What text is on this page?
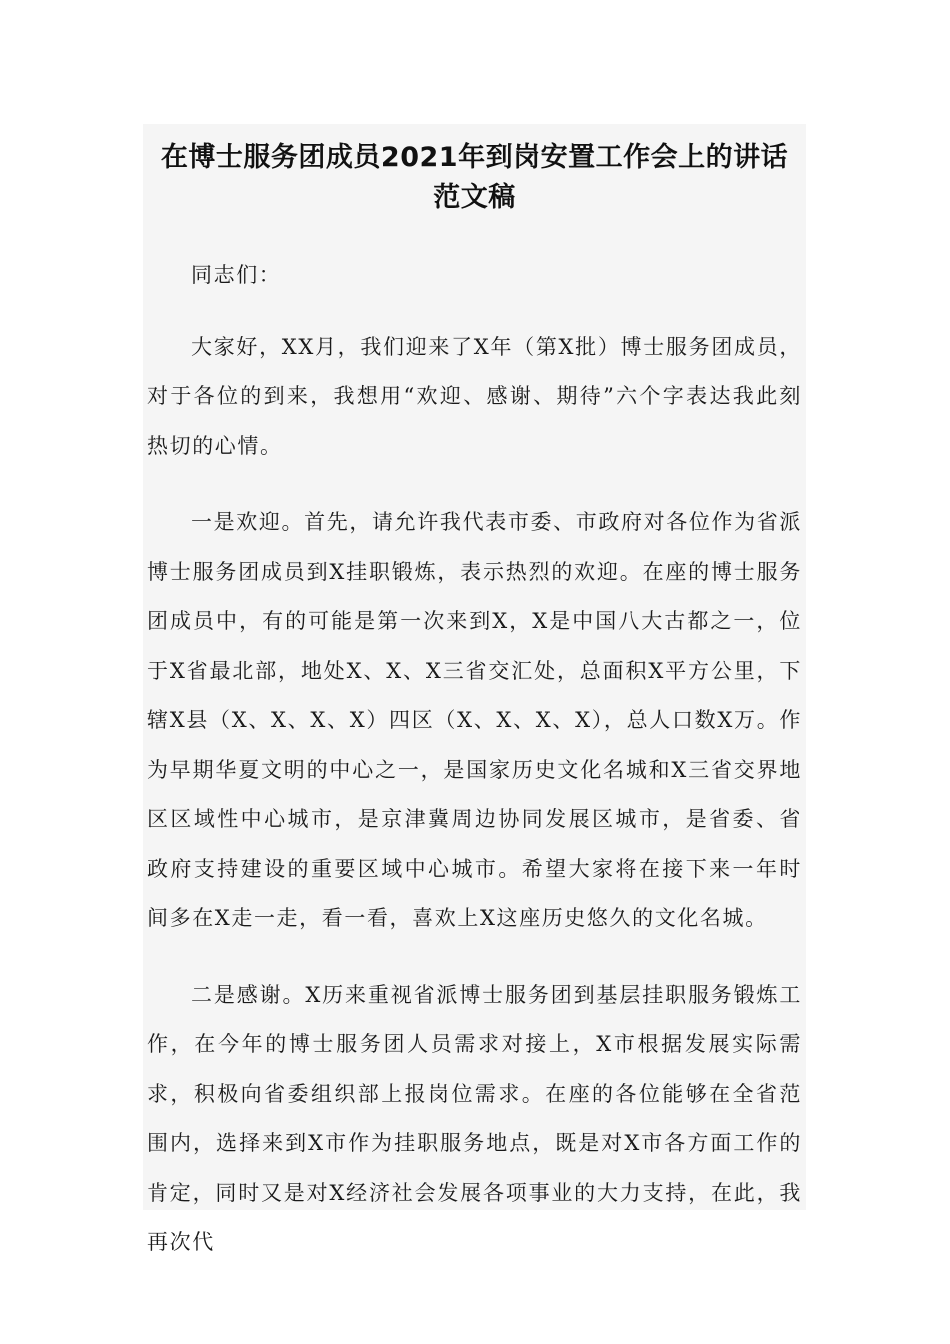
在博士服务团成员2021年到岗安置工作会上的讲话
范文稿

同志们：

大家好，XX月，我们迎来了X年（第X批）博士服务团成员，对于各位的到来，我想用“欢迎、感谢、期待”六个字表达我此刻热切的心情。

一是欢迎。首先，请允许我代表市委、市政府对各位作为省派博士服务团成员到X挂职锻炼，表示热烈的欢迎。在座的博士服务团成员中，有的可能是第一次来到X，X是中国八大古都之一，位于X省最北部，地处X、X、X三省交汇处，总面积X平方公里，下辖X县（X、X、X、X）四区（X、X、X、X），总人口数X万。作为早期华夏文明的中心之一，是国家历史文化名城和X三省交界地区区域性中心城市，是京津冀周边协同发展区城市，是省委、省政府支持建设的重要区域中心城市。希望大家将在接下来一年时间多在X走一走，看一看，喜欢上X这座历史悠久的文化名城。

二是感谢。X历来重视省派博士服务团到基层挂职服务锻炼工作，在今年的博士服务团人员需求对接上，X市根据发展实际需求，积极向省委组织部上报岗位需求。在座的各位能够在全省范围内，选择来到X市作为挂职服务地点，既是对X市各方面工作的肯定，同时又是对X经济社会发展各项事业的大力支持，在此，我再次代
